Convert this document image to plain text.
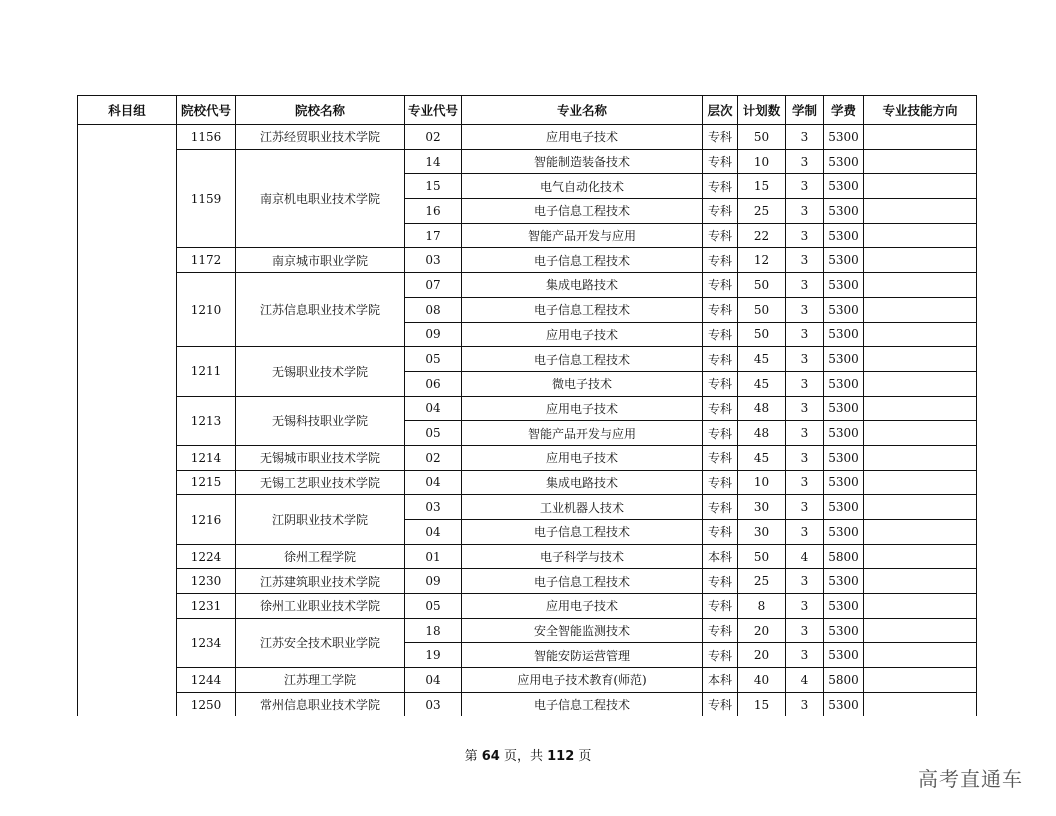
科目组	院校代号	院校名称	专业代号	专业名称	层次	计划数	学制	学费	专业技能方向
	1156	江苏经贸职业技术学院	02	应用电子技术	专科	50	3	5300	
	1159	南京机电职业技术学院	14	智能制造装备技术	专科	10	3	5300	
			15	电气自动化技术	专科	15	3	5300	
			16	电子信息工程技术	专科	25	3	5300	
			17	智能产品开发与应用	专科	22	3	5300	
	1172	南京城市职业学院	03	电子信息工程技术	专科	12	3	5300	
	1210	江苏信息职业技术学院	07	集成电路技术	专科	50	3	5300	
			08	电子信息工程技术	专科	50	3	5300	
			09	应用电子技术	专科	50	3	5300	
	1211	无锡职业技术学院	05	电子信息工程技术	专科	45	3	5300	
			06	微电子技术	专科	45	3	5300	
	1213	无锡科技职业学院	04	应用电子技术	专科	48	3	5300	
			05	智能产品开发与应用	专科	48	3	5300	
	1214	无锡城市职业技术学院	02	应用电子技术	专科	45	3	5300	
	1215	无锡工艺职业技术学院	04	集成电路技术	专科	10	3	5300	
	1216	江阴职业技术学院	03	工业机器人技术	专科	30	3	5300	
			04	电子信息工程技术	专科	30	3	5300	
	1224	徐州工程学院	01	电子科学与技术	本科	50	4	5800	
	1230	江苏建筑职业技术学院	09	电子信息工程技术	专科	25	3	5300	
	1231	徐州工业职业技术学院	05	应用电子技术	专科	8	3	5300	
	1234	江苏安全技术职业学院	18	安全智能监测技术	专科	20	3	5300	
			19	智能安防运营管理	专科	20	3	5300	
	1244	江苏理工学院	04	应用电子技术教育(师范)	本科	40	4	5800	
	1250	常州信息职业技术学院	03	电子信息工程技术	专科	15	3	5300	
第 64 页，共 112 页
高考直通车
